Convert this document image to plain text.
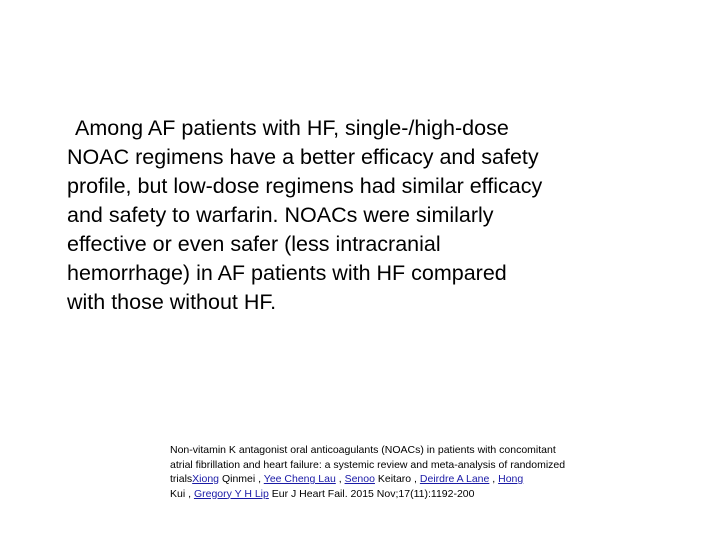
Among AF patients with HF, single-/high-dose
NOAC regimens have a better efficacy and safety
profile, but low-dose regimens had similar efficacy
and safety to warfarin. NOACs were similarly
effective or even safer (less intracranial
hemorrhage) in AF patients with HF compared
with those without HF.
Non-vitamin K antagonist oral anticoagulants (NOACs) in patients with concomitant
atrial fibrillation and heart failure: a systemic review and meta-analysis of randomized
trialsXiong Qinmei , Yee Cheng Lau , Senoo Keitaro , Deirdre A Lane , Hong
Kui , Gregory Y H Lip Eur J Heart Fail. 2015 Nov;17(11):1192-200
